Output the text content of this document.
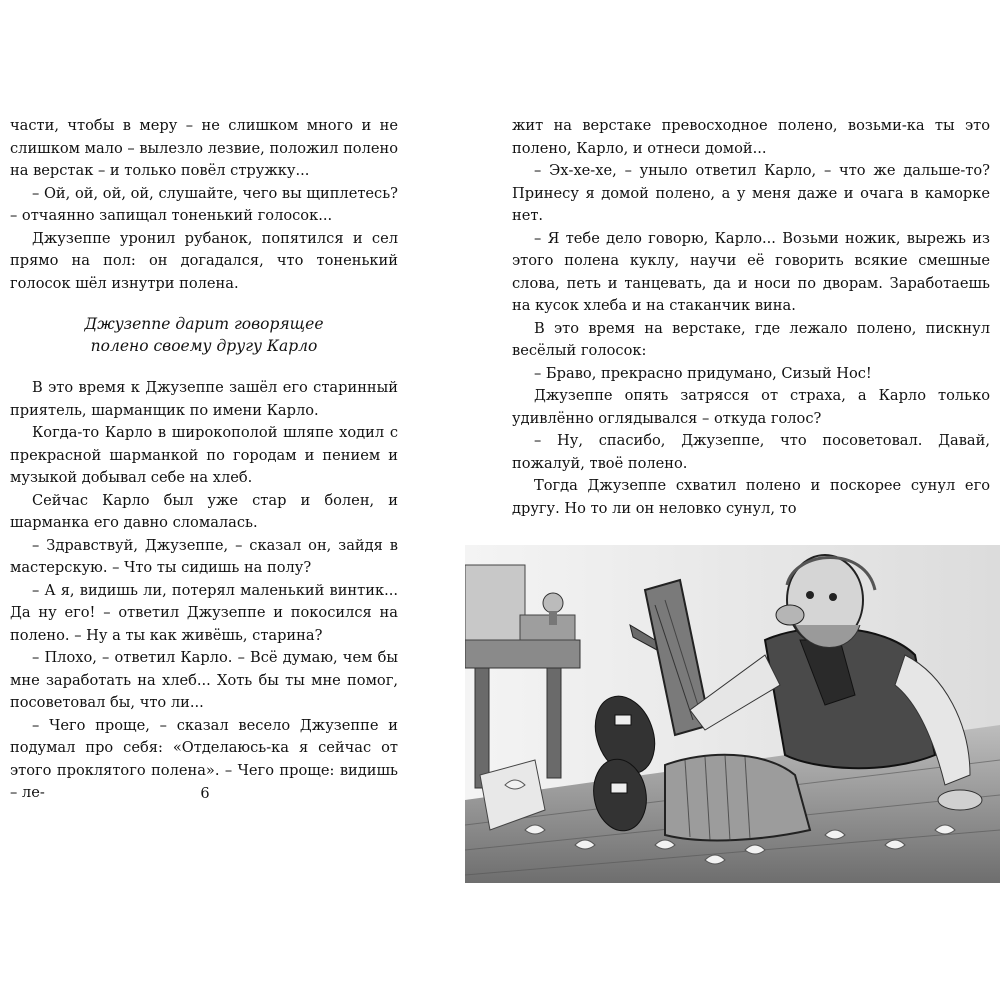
части, чтобы в меру – не слишком много и не слишком мало – вылезло лезвие, положил полено на верстак – и только повёл стружку...

– Ой, ой, ой, ой, слушайте, чего вы щиплетесь? – отчаянно запищал тоненький голосок...

Джузеппе уронил рубанок, попятился и сел прямо на пол: он догадался, что тоненький голосок шёл изнутри полена.

Джузеппе дарит говорящее
полено своему другу Карло

В это время к Джузеппе зашёл его старинный приятель, шарманщик по имени Карло.

Когда-то Карло в широкополой шляпе ходил с прекрасной шарманкой по городам и пением и музыкой добывал себе на хлеб.

Сейчас Карло был уже стар и болен, и шарманка его давно сломалась.

– Здравствуй, Джузеппе, – сказал он, зайдя в мастерскую. – Что ты сидишь на полу?

– А я, видишь ли, потерял маленький винтик... Да ну его! – ответил Джузеппе и покосился на полено. – Ну а ты как живёшь, старина?

– Плохо, – ответил Карло. – Всё думаю, чем бы мне заработать на хлеб... Хоть бы ты мне помог, посоветовал бы, что ли...

– Чего проще, – сказал весело Джузеппе и подумал про себя: «Отделаюсь-ка я сейчас от этого проклятого полена». – Чего проще: видишь – ле-	6

жит на верстаке превосходное полено, возьми-ка ты это полено, Карло, и отнеси домой...

– Эх-хе-хе, – уныло ответил Карло, – что же дальше-то? Принесу я домой полено, а у меня даже и очага в каморке нет.

– Я тебе дело говорю, Карло... Возьми ножик, вырежь из этого полена куклу, научи её говорить всякие смешные слова, петь и танцевать, да и носи по дворам. Заработаешь на кусок хлеба и на стаканчик вина.

В это время на верстаке, где лежало полено, пискнул весёлый голосок:

– Браво, прекрасно придумано, Сизый Нос!

Джузеппе опять затрясся от страха, а Карло только удивлённо оглядывался – откуда голос?

– Ну, спасибо, Джузеппе, что посоветовал. Давай, пожалуй, твоё полено.

Тогда Джузеппе схватил полено и поскорее сунул его другу. Но то ли он неловко сунул, то
